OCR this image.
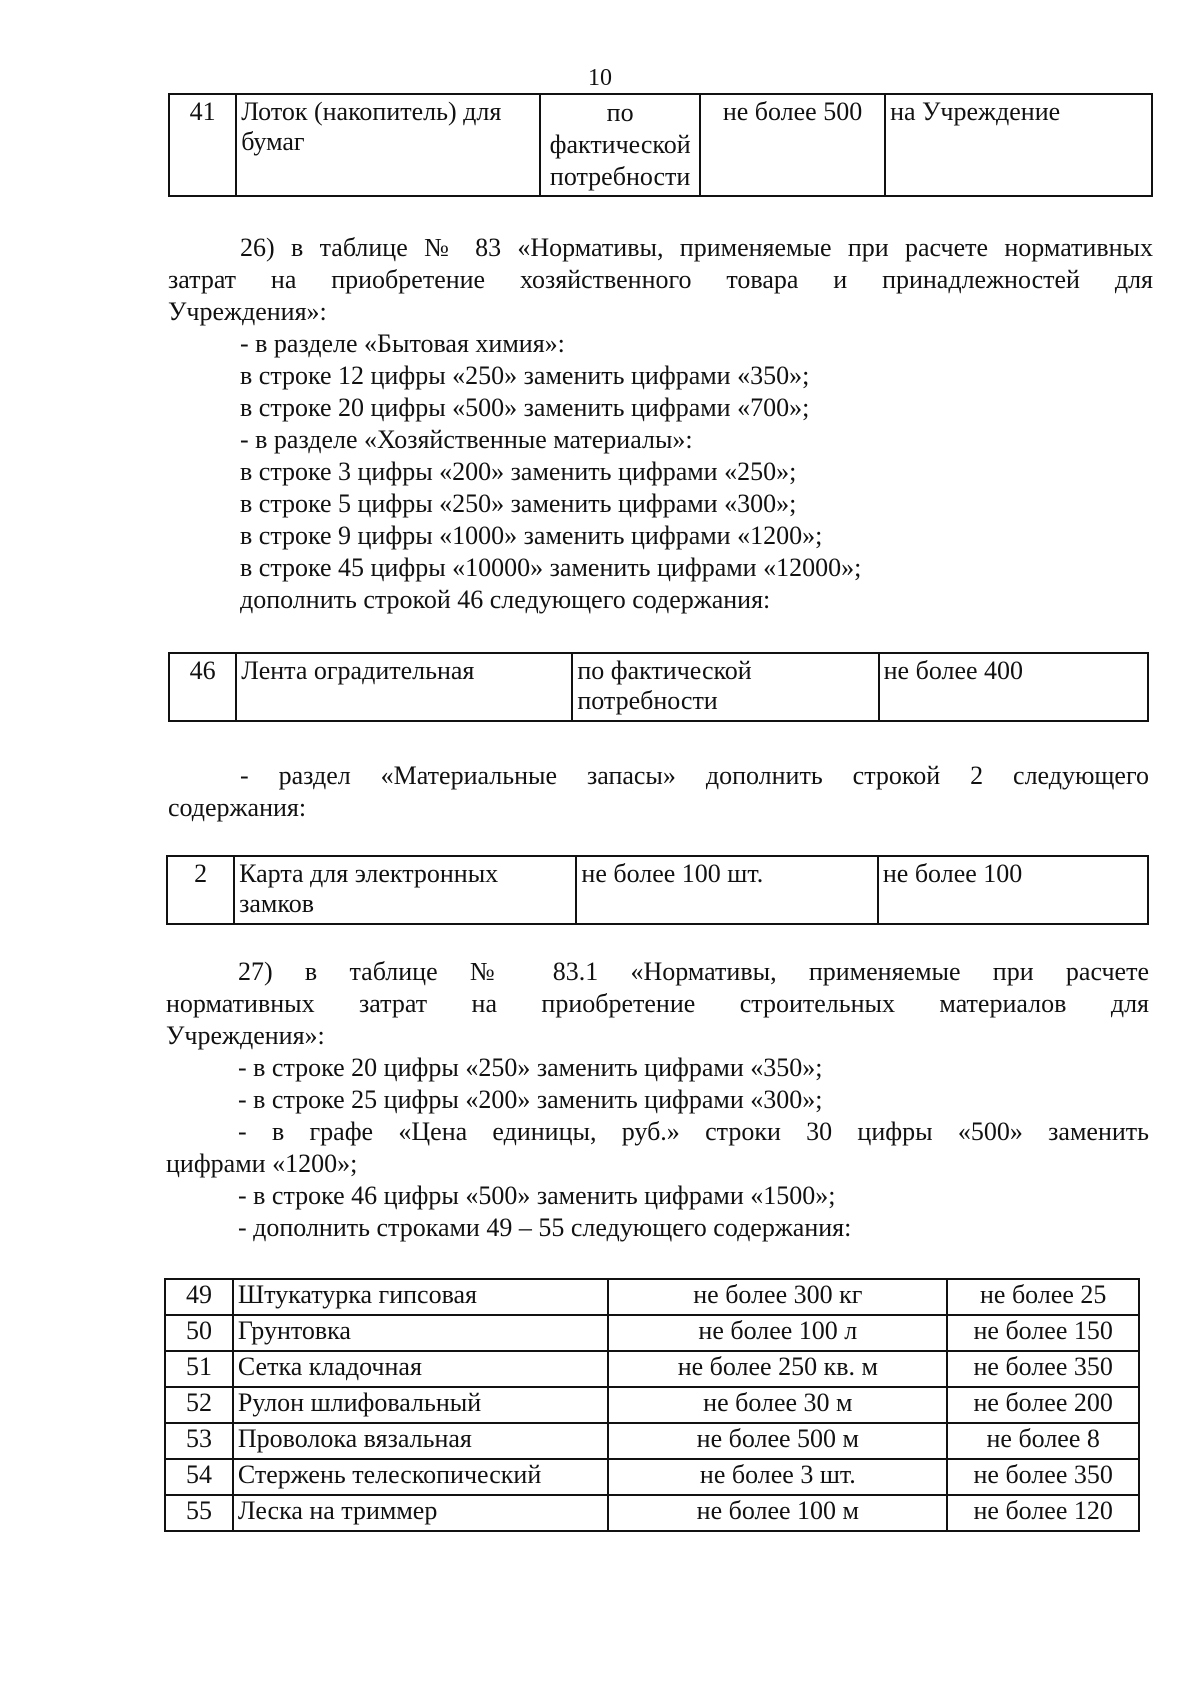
10
41	Лоток (накопитель) для бумаг	по фактической потребности	не более 500	на Учреждение
26) в таблице № 83 «Нормативы, применяемые при расчете нормативных
затрат на приобретение хозяйственного товара и принадлежностей для
Учреждения»:
- в разделе «Бытовая химия»:
в строке 12 цифры «250» заменить цифрами «350»;
в строке 20 цифры «500» заменить цифрами «700»;
- в разделе «Хозяйственные материалы»:
в строке 3 цифры «200» заменить цифрами «250»;
в строке 5 цифры «250» заменить цифрами «300»;
в строке 9 цифры «1000» заменить цифрами «1200»;
в строке 45 цифры «10000» заменить цифрами «12000»;
дополнить строкой 46 следующего содержания:
46	Лента оградительная	по фактической потребности	не более 400
- раздел «Материальные запасы» дополнить строкой 2 следующего
содержания:
2	Карта для электронных замков	не более 100 шт.	не более 100
27) в таблице № 83.1 «Нормативы, применяемые при расчете
нормативных затрат на приобретение строительных материалов для
Учреждения»:
- в строке 20 цифры «250» заменить цифрами «350»;
- в строке 25 цифры «200» заменить цифрами «300»;
- в графе «Цена единицы, руб.» строки 30 цифры «500» заменить
цифрами «1200»;
- в строке 46 цифры «500» заменить цифрами «1500»;
- дополнить строками 49 – 55 следующего содержания:
49	Штукатурка гипсовая	не более 300 кг	не более 25
50	Грунтовка	не более 100 л	не более 150
51	Сетка кладочная	не более 250 кв. м	не более 350
52	Рулон шлифовальный	не более 30 м	не более 200
53	Проволока вязальная	не более 500 м	не более 8
54	Стержень телескопический	не более 3 шт.	не более 350
55	Леска на триммер	не более 100 м	не более 120
